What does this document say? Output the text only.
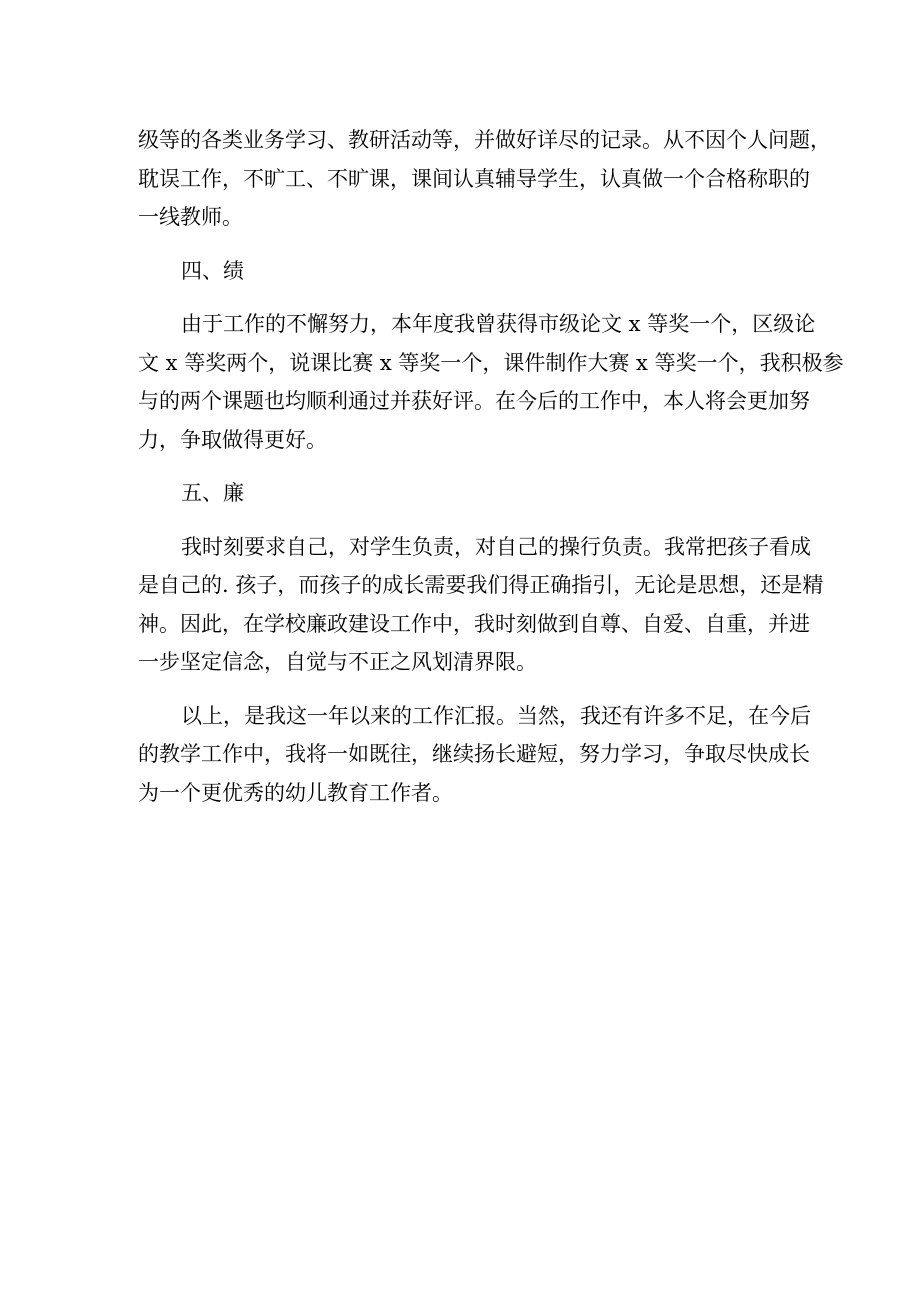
级等的各类业务学习、教研活动等，并做好详尽的记录。从不因个人问题，
耽误工作，不旷工、不旷课，课间认真辅导学生，认真做一个合格称职的
一线教师。
四、绩
由于工作的不懈努力，本年度我曾获得市级论文 x 等奖一个，区级论
文 x 等奖两个，说课比赛 x 等奖一个，课件制作大赛 x 等奖一个，我积极参
与的两个课题也均顺利通过并获好评。在今后的工作中，本人将会更加努
力，争取做得更好。
五、廉
我时刻要求自己，对学生负责，对自己的操行负责。我常把孩子看成
是自己的. 孩子，而孩子的成长需要我们得正确指引，无论是思想，还是精
神。因此，在学校廉政建设工作中，我时刻做到自尊、自爱、自重，并进
一步坚定信念，自觉与不正之风划清界限。
以上，是我这一年以来的工作汇报。当然，我还有许多不足，在今后
的教学工作中，我将一如既往，继续扬长避短，努力学习，争取尽快成长
为一个更优秀的幼儿教育工作者。
